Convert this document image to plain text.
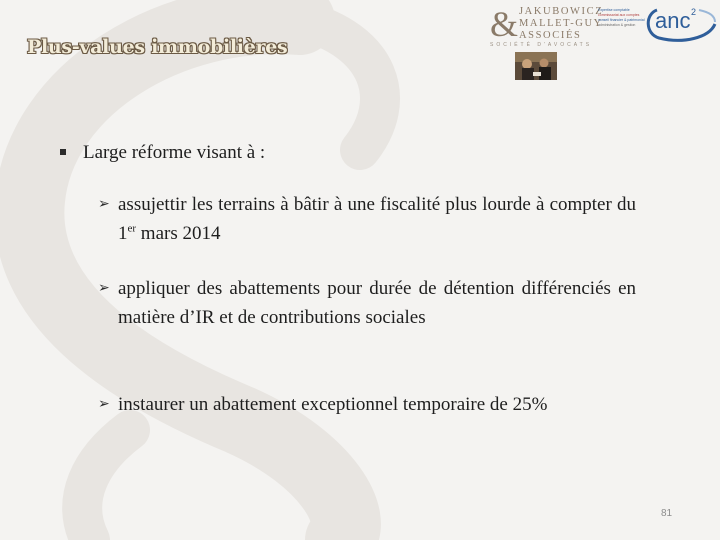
Plus-values immobilières
& JAKUBOWICZ
MALLET-GUY
ASSOCIÉS
SOCIÉTÉ D'AVOCATS
Expertise comptable
commissariat aux comptes
conseil financier & patrimonial
administration & gestion anc 2
Large réforme visant à :
➢ assujettir les terrains à bâtir à une fiscalité plus lourde à compter du 1er mars 2014
➢ appliquer des abattements pour durée de détention différenciés en matière d’IR et de contributions sociales
➢ instaurer un abattement exceptionnel temporaire de 25%
81
